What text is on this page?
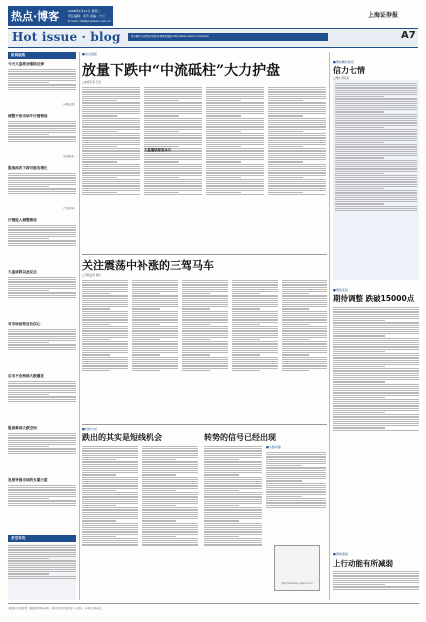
热点·博客	2008年4月22日 星期二
责任编辑：李茂 美编：方兰
E-mail: cfsl@cnstock.com.cn
Hot issue · blog	更多精彩内容请见中国证券网博客频道 http://www.cnstock.com/xblog
上海证券报
A7
机构视角
今天大盘将会继续反弹
（申银万国）
调整不改市场牛行情格局
（长城证券）
股指再次下探可能有增长
（平安证券）
行情进入调整格局
大盘或将以此反击
对市场局势应有信心
后市不会持续大跌爆发
股指难再大跌空间
发展导强市场的长期力度
多空对决
■热点链接
放量下跌中“中流砥柱”大力护盘
□本报记者 王剑
大盘继续探底本月
关注震荡中补涨的三驾马车
□万联证券 刘洋
■机构分析
跌出的其实是短线机会	转势的信号已经出现
■头脑风暴
http://lueb.blog.cnstock.com
■博客精彩推荐
信力七情
□博友 陈某某
■博客连线
期待调整 跌破15000点
■博客观察
上行动能有所减弱
本版观点仅供参考，据此操作风险自担。本版文章仅代表作者个人观点，与本报立场无关。
